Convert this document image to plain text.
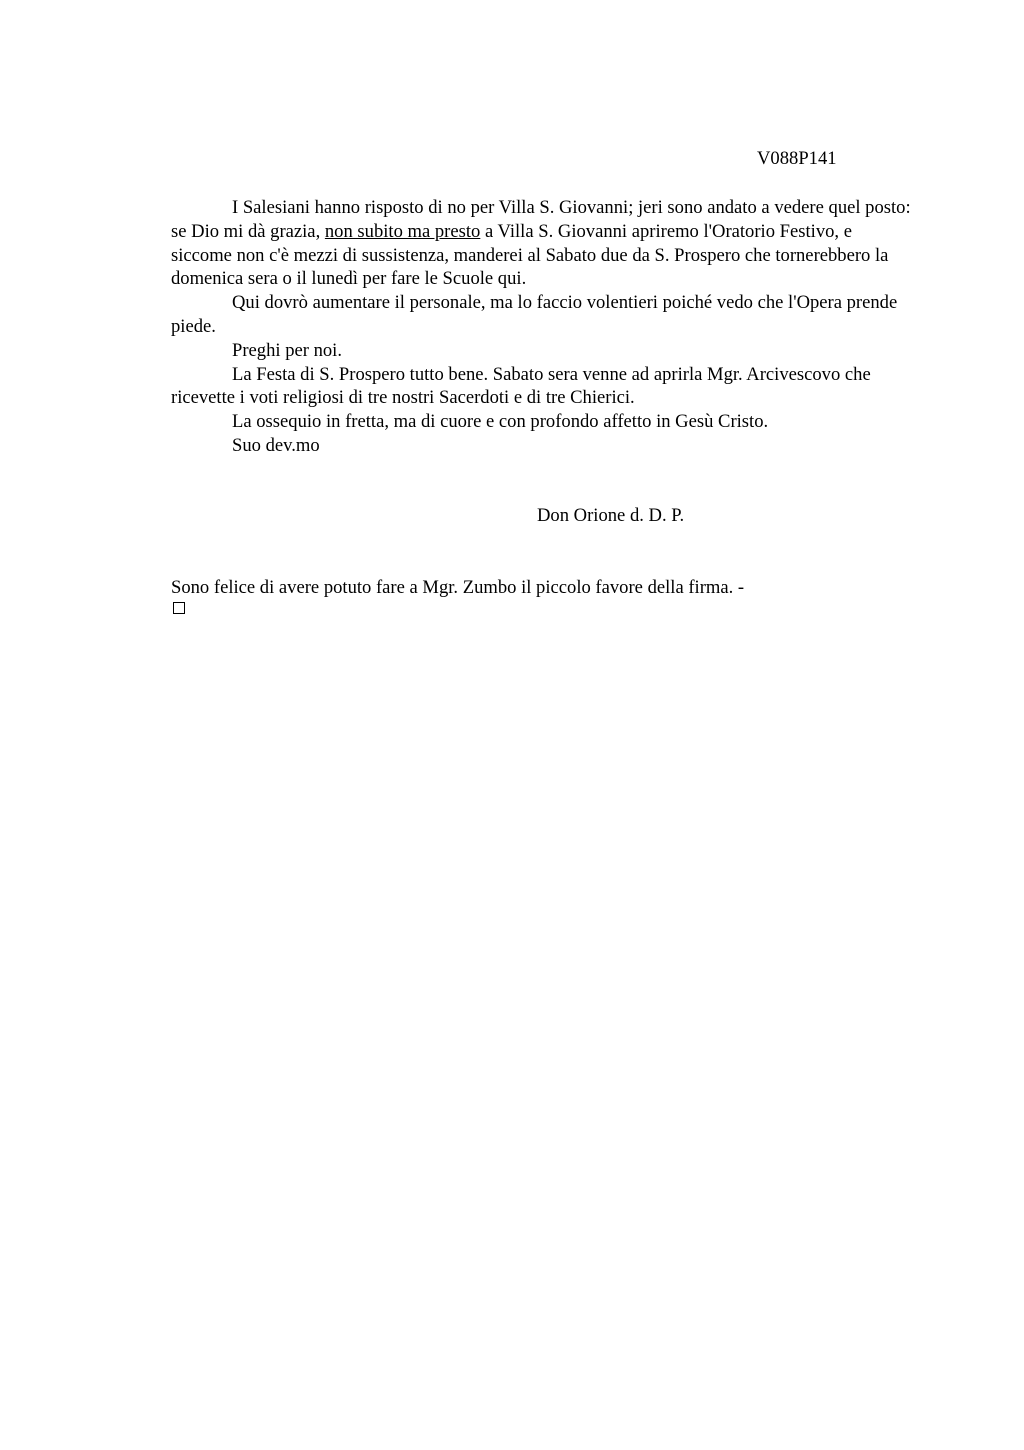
V088P141

I Salesiani hanno risposto di no per Villa S. Giovanni; jeri sono andato a vedere quel posto: se Dio mi dà grazia, non subito ma presto a Villa S. Giovanni apriremo l'Oratorio Festivo, e siccome non c'è mezzi di sussistenza, manderei al Sabato due da S. Prospero che tornerebbero la domenica sera o il lunedì per fare le Scuole qui.

Qui dovrò aumentare il personale, ma lo faccio volentieri poiché vedo che l'Opera prende piede.

Preghi per noi.

La Festa di S. Prospero tutto bene. Sabato sera venne ad aprirla Mgr. Arcivescovo che ricevette i voti religiosi di tre nostri Sacerdoti e di tre Chierici.

La ossequio in fretta, ma di cuore e con profondo affetto in Gesù Cristo.

Suo dev.mo

Don Orione d. D. P.
Sono felice di avere potuto fare a Mgr. Zumbo il piccolo favore della firma. -
